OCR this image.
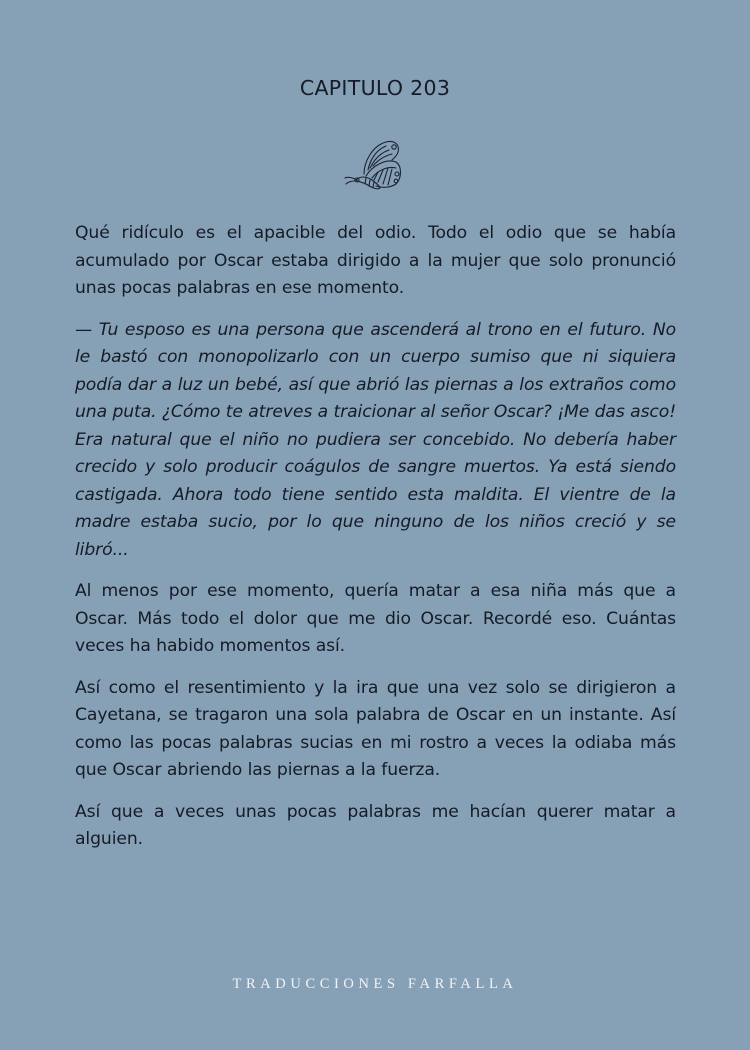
CAPITULO 203

Qué ridículo es el apacible del odio. Todo el odio que se había acumulado por Oscar estaba dirigido a la mujer que solo pronunció unas pocas palabras en ese momento.

— Tu esposo es una persona que ascenderá al trono en el futuro. No le bastó con monopolizarlo con un cuerpo sumiso que ni siquiera podía dar a luz un bebé, así que abrió las piernas a los extraños como una puta. ¿Cómo te atreves a traicionar al señor Oscar? ¡Me das asco! Era natural que el niño no pudiera ser concebido. No debería haber crecido y solo producir coágulos de sangre muertos. Ya está siendo castigada. Ahora todo tiene sentido esta maldita. El vientre de la madre estaba sucio, por lo que ninguno de los niños creció y se libró...

Al menos por ese momento, quería matar a esa niña más que a Oscar. Más todo el dolor que me dio Oscar. Recordé eso. Cuántas veces ha habido momentos así.

Así como el resentimiento y la ira que una vez solo se dirigieron a Cayetana, se tragaron una sola palabra de Oscar en un instante. Así como las pocas palabras sucias en mi rostro a veces la odiaba más que Oscar abriendo las piernas a la fuerza.

Así que a veces unas pocas palabras me hacían querer matar a alguien.

TRADUCCIONES FARFALLA
